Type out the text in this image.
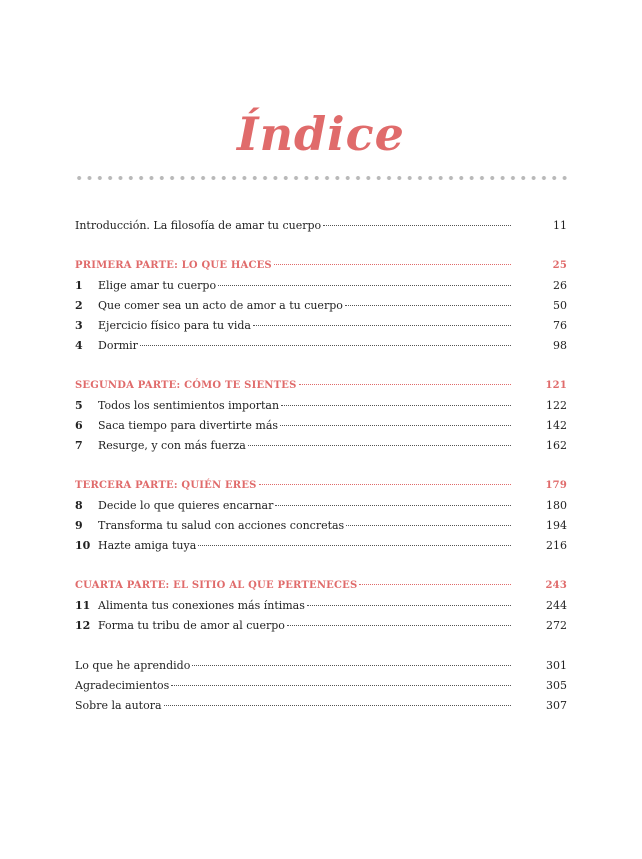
Índice
Introducción. La filosofía de amar tu cuerpo	11
PRIMERA PARTE: LO QUE HACES	25
1	Elige amar tu cuerpo	26
2	Que comer sea un acto de amor a tu cuerpo	50
3	Ejercicio físico para tu vida	76
4	Dormir	98
SEGUNDA PARTE: CÓMO TE SIENTES	121
5	Todos los sentimientos importan	122
6	Saca tiempo para divertirte más	142
7	Resurge, y con más fuerza	162
TERCERA PARTE: QUIÉN ERES	179
8	Decide lo que quieres encarnar	180
9	Transforma tu salud con acciones concretas	194
10 Hazte amiga tuya	216
CUARTA PARTE: EL SITIO AL QUE PERTENECES	243
11 Alimenta tus conexiones más íntimas	244
12 Forma tu tribu de amor al cuerpo	272
Lo que he aprendido	301
Agradecimientos	305
Sobre la autora	307
